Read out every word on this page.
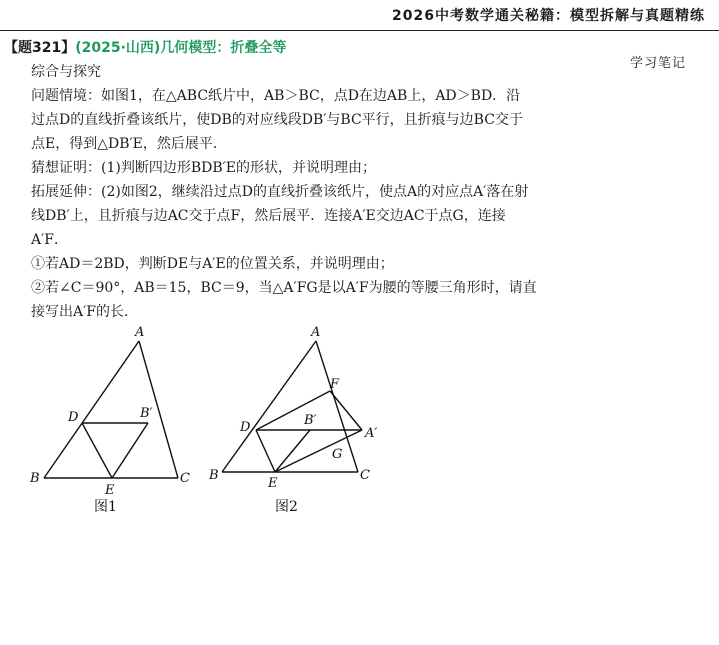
2026中考数学通关秘籍：模型拆解与真题精练
学习笔记
【题321】(2025·山西)几何模型：折叠全等
综合与探究
问题情境：如图1，在△ABC纸片中，AB＞BC，点D在边AB上，AD＞BD．沿
过点D的直线折叠该纸片，使DB的对应线段DB′与BC平行，且折痕与边BC交于
点E，得到△DB′E，然后展平．
猜想证明：(1)判断四边形BDB′E的形状，并说明理由；
拓展延伸：(2)如图2，继续沿过点D的直线折叠该纸片，使点A的对应点A′落在射
线DB′上，且折痕与边AC交于点F，然后展平．连接A′E交边AC于点G，连接
A′F．
①若AD＝2BD，判断DE与A′E的位置关系，并说明理由；
②若∠C＝90°，AB＝15，BC＝9，当△A′FG是以A′F为腰的等腰三角形时，请直
接写出A′F的长．
A
B	C
D
E
B′
图1
A
B	C
D
E
B′
A′
F
G
图2
